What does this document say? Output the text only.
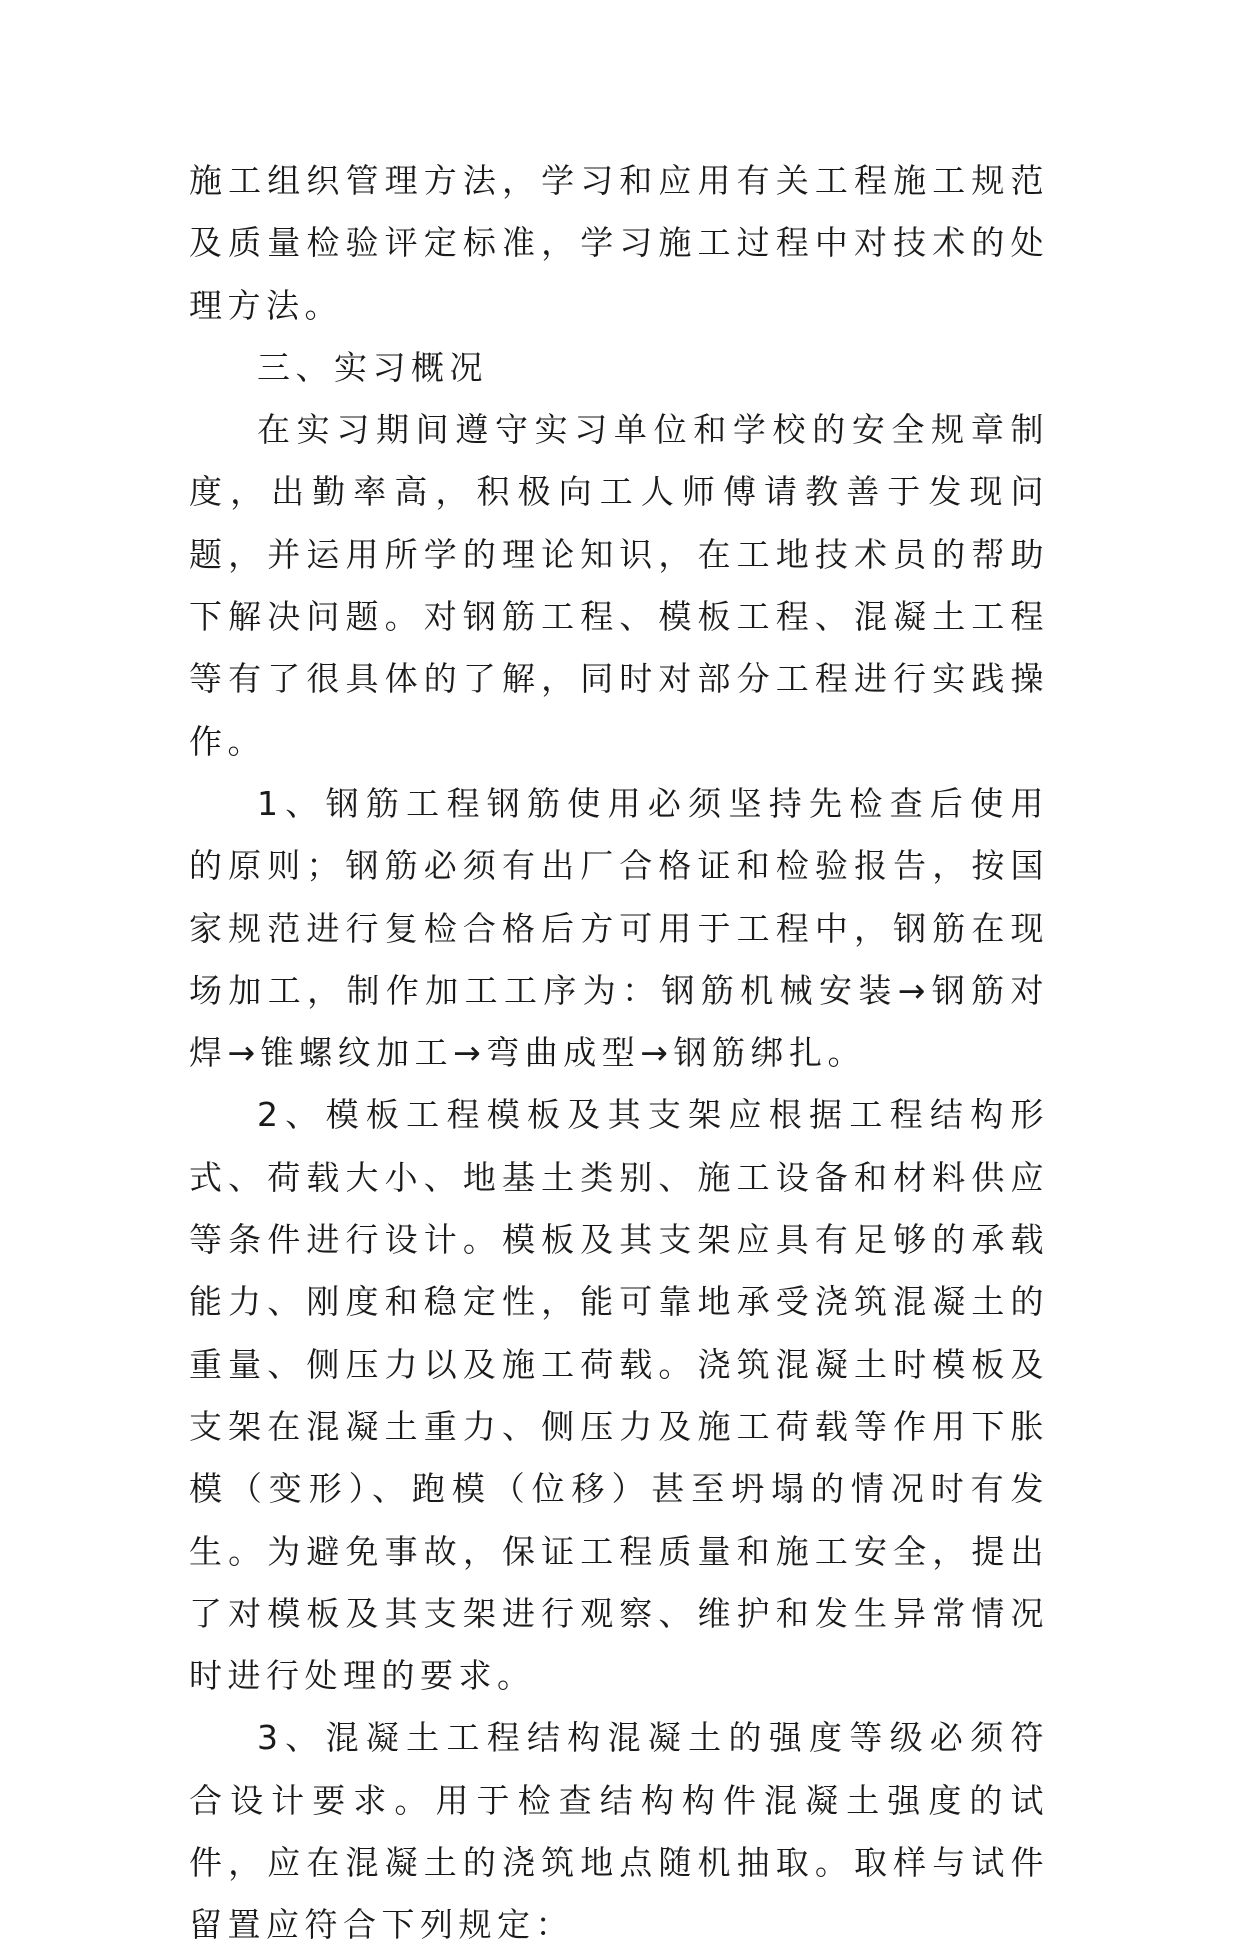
施工组织管理方法，学习和应用有关工程施工规范及质量检验评定标准，学习施工过程中对技术的处理方法。

三、实习概况

在实习期间遵守实习单位和学校的安全规章制度，出勤率高，积极向工人师傅请教善于发现问题，并运用所学的理论知识，在工地技术员的帮助下解决问题。对钢筋工程、模板工程、混凝土工程等有了很具体的了解，同时对部分工程进行实践操作。

1、钢筋工程钢筋使用必须坚持先检查后使用的原则；钢筋必须有出厂合格证和检验报告，按国家规范进行复检合格后方可用于工程中，钢筋在现场加工，制作加工工序为：钢筋机械安装→钢筋对焊→锥螺纹加工→弯曲成型→钢筋绑扎。

2、模板工程模板及其支架应根据工程结构形式、荷载大小、地基土类别、施工设备和材料供应等条件进行设计。模板及其支架应具有足够的承载能力、刚度和稳定性，能可靠地承受浇筑混凝土的重量、侧压力以及施工荷载。浇筑混凝土时模板及支架在混凝土重力、侧压力及施工荷载等作用下胀模（变形）、跑模（位移）甚至坍塌的情况时有发生。为避免事故，保证工程质量和施工安全，提出了对模板及其支架进行观察、维护和发生异常情况时进行处理的要求。

3、混凝土工程结构混凝土的强度等级必须符合设计要求。用于检查结构构件混凝土强度的试件，应在混凝土的浇筑地点随机抽取。取样与试件留置应符合下列规定：
